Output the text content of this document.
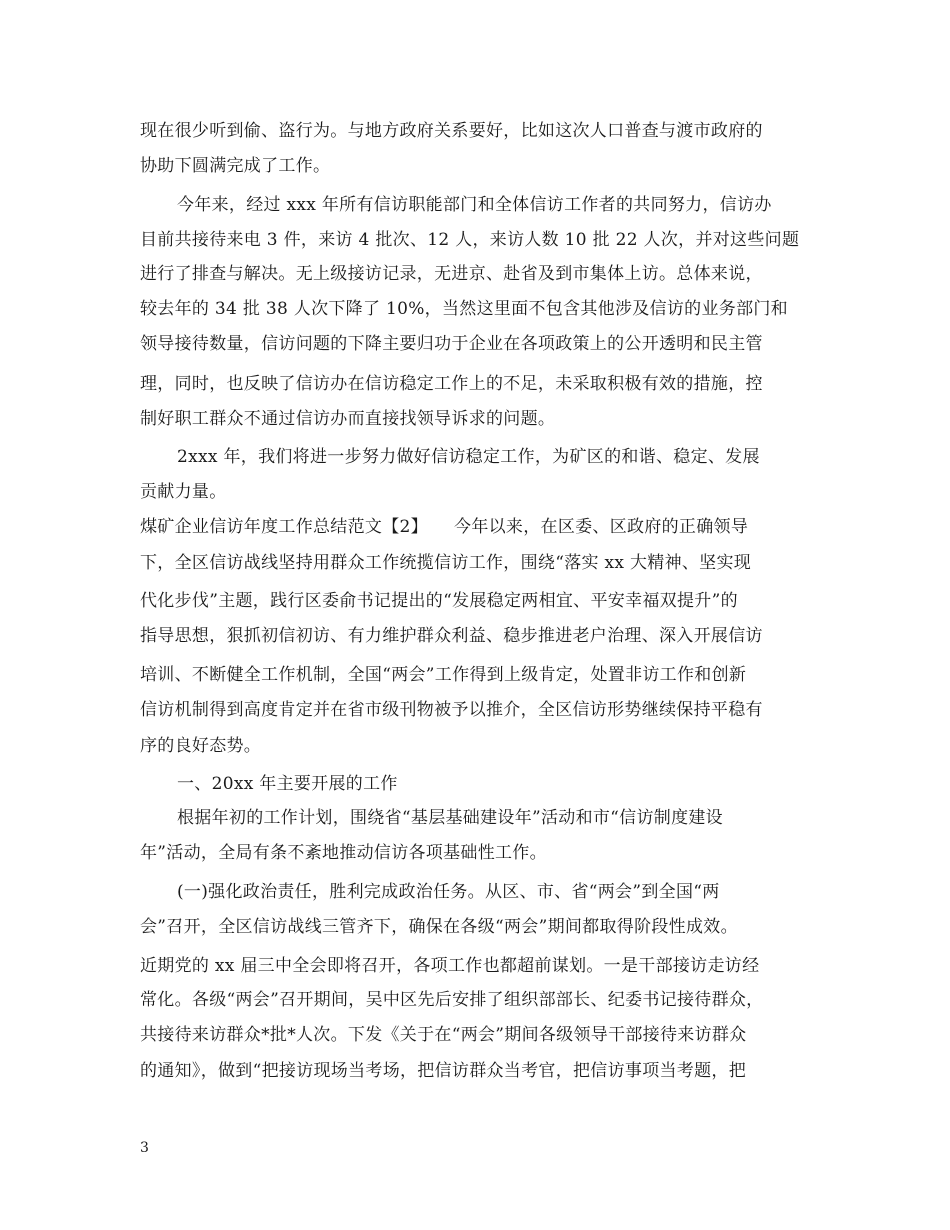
现在很少听到偷、盗行为。与地方政府关系要好，比如这次人口普查与渡市政府的
协助下圆满完成了工作。
今年来，经过 xxx 年所有信访职能部门和全体信访工作者的共同努力，信访办
目前共接待来电 3 件，来访 4 批次、12 人，来访人数 10 批 22 人次，并对这些问题
进行了排查与解决。无上级接访记录，无进京、赴省及到市集体上访。总体来说，
较去年的 34 批 38 人次下降了 10%，当然这里面不包含其他涉及信访的业务部门和
领导接待数量，信访问题的下降主要归功于企业在各项政策上的公开透明和民主管
理，同时，也反映了信访办在信访稳定工作上的不足，未采取积极有效的措施，控
制好职工群众不通过信访办而直接找领导诉求的问题。
2xxx 年，我们将进一步努力做好信访稳定工作，为矿区的和谐、稳定、发展
贡献力量。
煤矿企业信访年度工作总结范文【2】　　今年以来，在区委、区政府的正确领导
下，全区信访战线坚持用群众工作统揽信访工作，围绕“落实 xx 大精神、坚实现
代化步伐”主题，践行区委俞书记提出的“发展稳定两相宜、平安幸福双提升”的
指导思想，狠抓初信初访、有力维护群众利益、稳步推进老户治理、深入开展信访
培训、不断健全工作机制，全国“两会”工作得到上级肯定，处置非访工作和创新
信访机制得到高度肯定并在省市级刊物被予以推介，全区信访形势继续保持平稳有
序的良好态势。
一、20xx 年主要开展的工作
根据年初的工作计划，围绕省“基层基础建设年”活动和市“信访制度建设
年”活动，全局有条不紊地推动信访各项基础性工作。
(一)强化政治责任，胜利完成政治任务。从区、市、省“两会”到全国“两
会”召开，全区信访战线三管齐下，确保在各级“两会”期间都取得阶段性成效。
近期党的 xx 届三中全会即将召开，各项工作也都超前谋划。一是干部接访走访经
常化。各级“两会”召开期间，吴中区先后安排了组织部部长、纪委书记接待群众，
共接待来访群众*批*人次。下发《关于在“两会”期间各级领导干部接待来访群众
的通知》，做到“把接访现场当考场，把信访群众当考官，把信访事项当考题，把
3
